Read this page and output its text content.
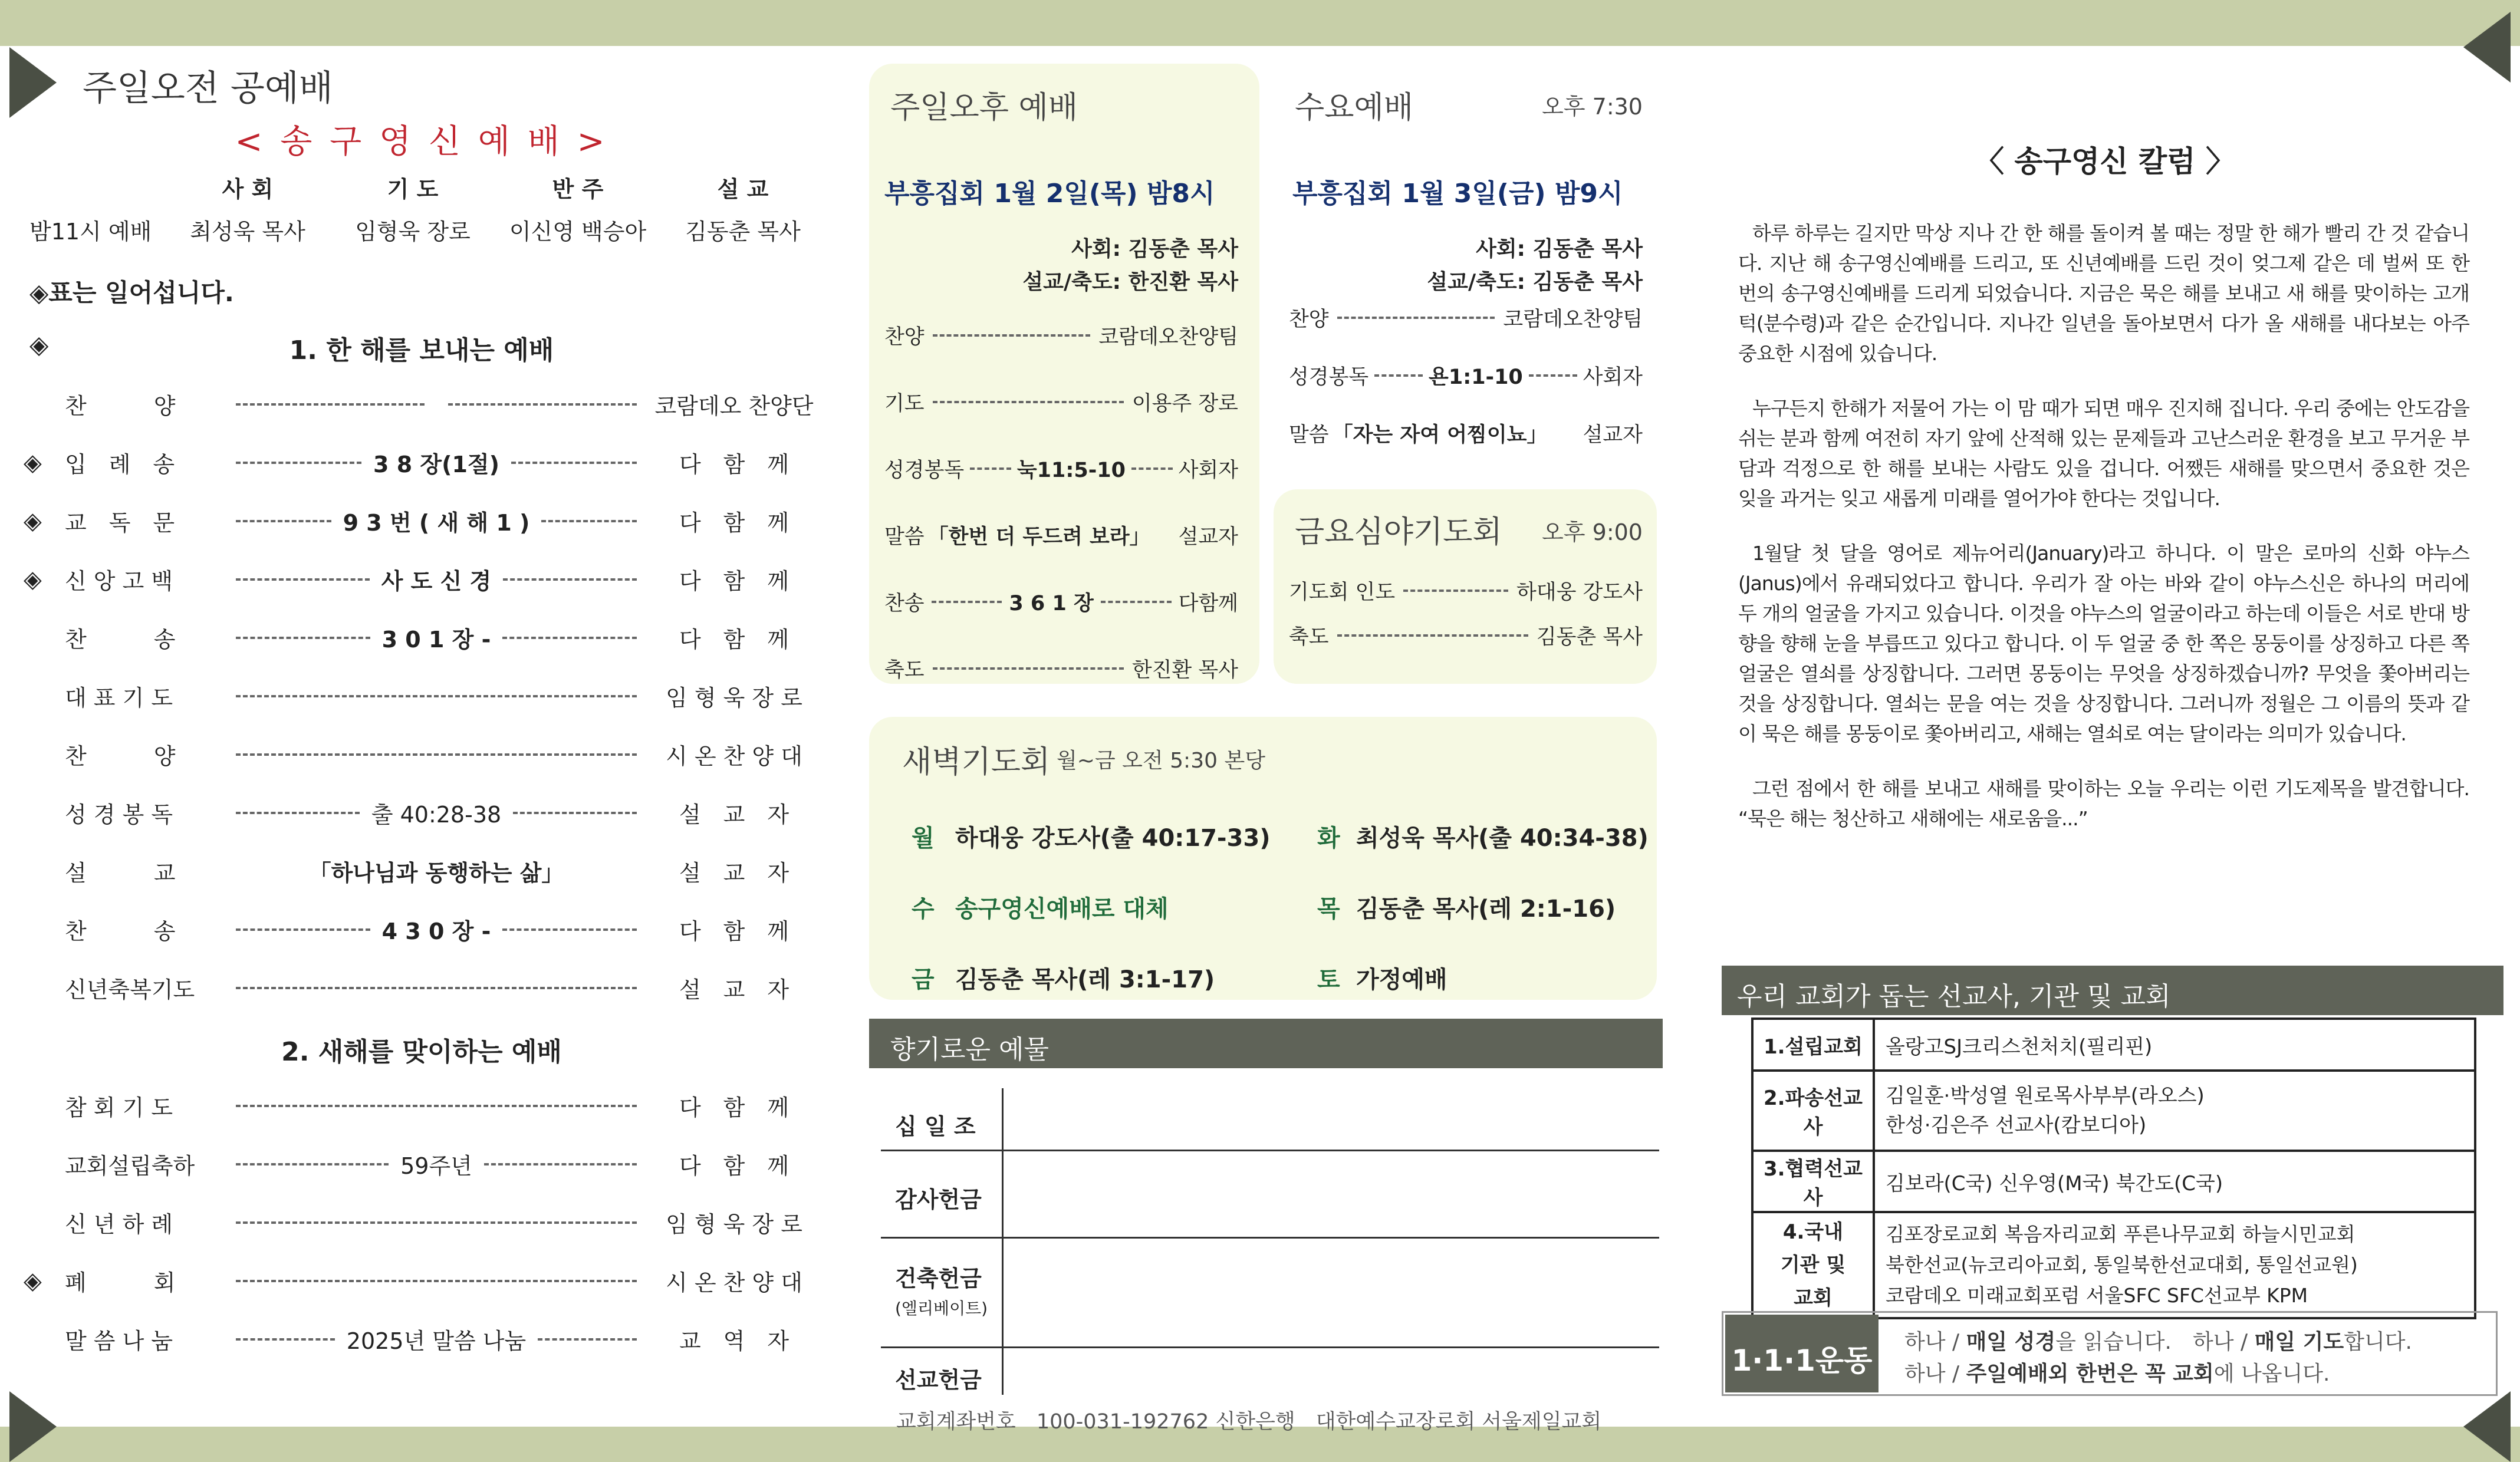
주일오전 공예배
< 송 구 영 신 예 배 >
사 회	기 도	반 주	설 교
밤11시 예배	최성욱 목사	임형욱 장로	이신영 백승아	김동춘 목사
◈표는 일어섭니다.
◈	1. 한 해를 보내는 예배
찬　　　양	코람데오 찬양단
◈	입　례　송	3 8 장(1절)	다　함　께
◈	교　독　문	9 3 번 ( 새 해 1 )	다　함　께
◈	신 앙 고 백	사 도 신 경	다　함　께
찬　　　송	3 0 1 장 -	다　함　께
대 표 기 도	임 형 욱 장 로
찬　　　양	시 온 찬 양 대
성 경 봉 독	출 40:28-38	설　교　자
설　　　교	「하나님과 동행하는 삶」	설　교　자
찬　　　송	4 3 0 장 -	다　함　께
신년축복기도	설　교　자
2. 새해를 맞이하는 예배
참 회 기 도	다　함　께
교회설립축하	59주년	다　함　께
신 년 하 례	임 형 욱 장 로
◈	폐　　　회	시 온 찬 양 대
말 씀 나 눔	2025년 말씀 나눔	교　역　자
주일오후 예배
부흥집회 1월 2일(목) 밤8시
사회: 김동춘 목사
설교/축도: 한진환 목사
찬양	코람데오찬양팀
기도	이용주 장로
성경봉독	눅11:5-10	사회자
말씀 「한번 더 두드려 보라」 설교자
찬송	3 6 1 장	다함께
축도	한진환 목사
수요예배	오후 7:30
부흥집회 1월 3일(금) 밤9시
사회: 김동춘 목사
설교/축도: 김동춘 목사
찬양	코람데오찬양팀
성경봉독	욘1:1-10	사회자
말씀 「자는 자여 어찜이뇨」 설교자
금요심야기도회	오후 9:00
기도회 인도	하대웅 강도사
축도	김동춘 목사
새벽기도회 월~금 오전 5:30 본당
월 하대웅 강도사(출 40:17-33) 화 최성욱 목사(출 40:34-38)
수 송구영신예배로 대체	목 김동춘 목사(레 2:1-16)
금 김동춘 목사(레 3:1-17)	토 가정예배
향기로운 예물
십 일 조
감사헌금
건축헌금
(엘리베이트)
선교헌금
교회계좌번호　100-031-192762 신한은행　대한예수교장로회 서울제일교회
〈 송구영신 칼럼 〉

하루 하루는 길지만 막상 지나 간 한 해를 돌이켜 볼 때는 정말 한 해가 빨리 간 것 같습니다. 지난 해 송구영신예배를 드리고, 또 신년예배를 드린 것이 엊그제 같은 데 벌써 또 한 번의 송구영신예배를 드리게 되었습니다. 지금은 묵은 해를 보내고 새 해를 맞이하는 고개턱(분수령)과 같은 순간입니다. 지나간 일년을 돌아보면서 다가 올 새해를 내다보는 아주 중요한 시점에 있습니다.

누구든지 한해가 저물어 가는 이 맘 때가 되면 매우 진지해 집니다. 우리 중에는 안도감을 쉬는 분과 함께 여전히 자기 앞에 산적해 있는 문제들과 고난스러운 환경을 보고 무거운 부담과 걱정으로 한 해를 보내는 사람도 있을 겁니다. 어쨌든 새해를 맞으면서 중요한 것은 잊을 과거는 잊고 새롭게 미래를 열어가야 한다는 것입니다.

1월달 첫 달을 영어로 제뉴어리(January)라고 하니다. 이 말은 로마의 신화 야누스(Janus)에서 유래되었다고 합니다. 우리가 잘 아는 바와 같이 야누스신은 하나의 머리에 두 개의 얼굴을 가지고 있습니다. 이것을 야누스의 얼굴이라고 하는데 이들은 서로 반대 방향을 향해 눈을 부릅뜨고 있다고 합니다. 이 두 얼굴 중 한 쪽은 몽둥이를 상징하고 다른 쪽 얼굴은 열쇠를 상징합니다. 그러면 몽둥이는 무엇을 상징하겠습니까? 무엇을 쫓아버리는 것을 상징합니다. 열쇠는 문을 여는 것을 상징합니다. 그러니까 정월은 그 이름의 뜻과 같이 묵은 해를 몽둥이로 쫓아버리고, 새해는 열쇠로 여는 달이라는 의미가 있습니다.

그런 점에서 한 해를 보내고 새해를 맞이하는 오늘 우리는 이런 기도제목을 발견합니다. “묵은 해는 청산하고 새해에는 새로움을...”

우리 교회가 돕는 선교사, 기관 및 교회
1.설립교회	올랑고SJ크리스천처치(필리핀)

2.파송선교사	김일훈·박성열 원로목사부부(라오스)
한성·김은주 선교사(캄보디아)

3.협력선교사	김보라(C국) 신우영(M국) 북간도(C국)

4.국내기관 및 교회	김포장로교회 복음자리교회 푸른나무교회 하늘시민교회
북한선교(뉴코리아교회, 통일북한선교대회, 통일선교원)
코람데오 미래교회포럼 서울SFC SFC선교부 KPM
1·1·1운동
하나 / 매일 성경을 읽습니다.　하나 / 매일 기도합니다.
하나 / 주일예배외 한번은 꼭 교회에 나옵니다.
